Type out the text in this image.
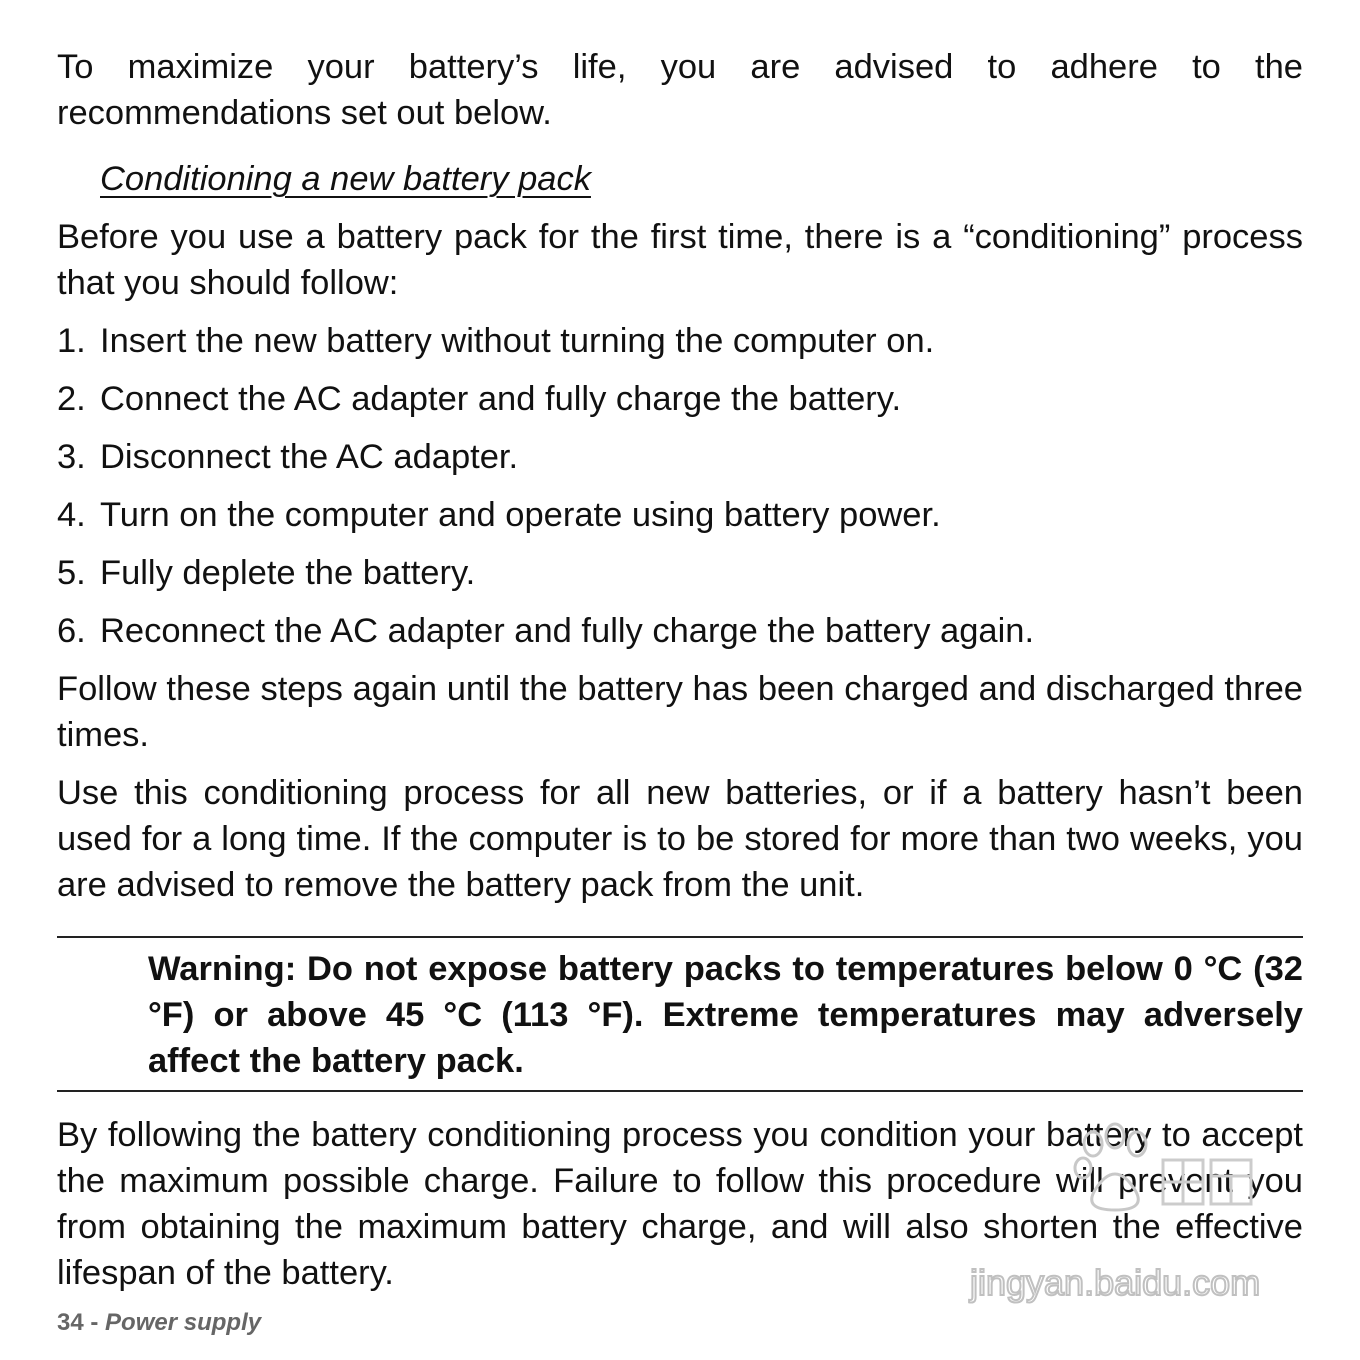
To maximize your battery’s life, you are advised to adhere to the recommendations set out below.

Conditioning a new battery pack

Before you use a battery pack for the first time, there is a “conditioning” process that you should follow:

1. Insert the new battery without turning the computer on.
2. Connect the AC adapter and fully charge the battery.
3. Disconnect the AC adapter.
4. Turn on the computer and operate using battery power.
5. Fully deplete the battery.
6. Reconnect the AC adapter and fully charge the battery again.

Follow these steps again until the battery has been charged and discharged three times.

Use this conditioning process for all new batteries, or if a battery hasn’t been used for a long time. If the computer is to be stored for more than two weeks, you are advised to remove the battery pack from the unit.

Warning: Do not expose battery packs to temperatures below 0 °C (32 °F) or above 45 °C (113 °F). Extreme temperatures may adversely affect the battery pack.

By following the battery conditioning process you condition your battery to accept the maximum possible charge. Failure to follow this procedure will prevent you from obtaining the maximum battery charge, and will also shorten the effective lifespan of the battery.

34 - Power supply
jingyan.baidu.com
